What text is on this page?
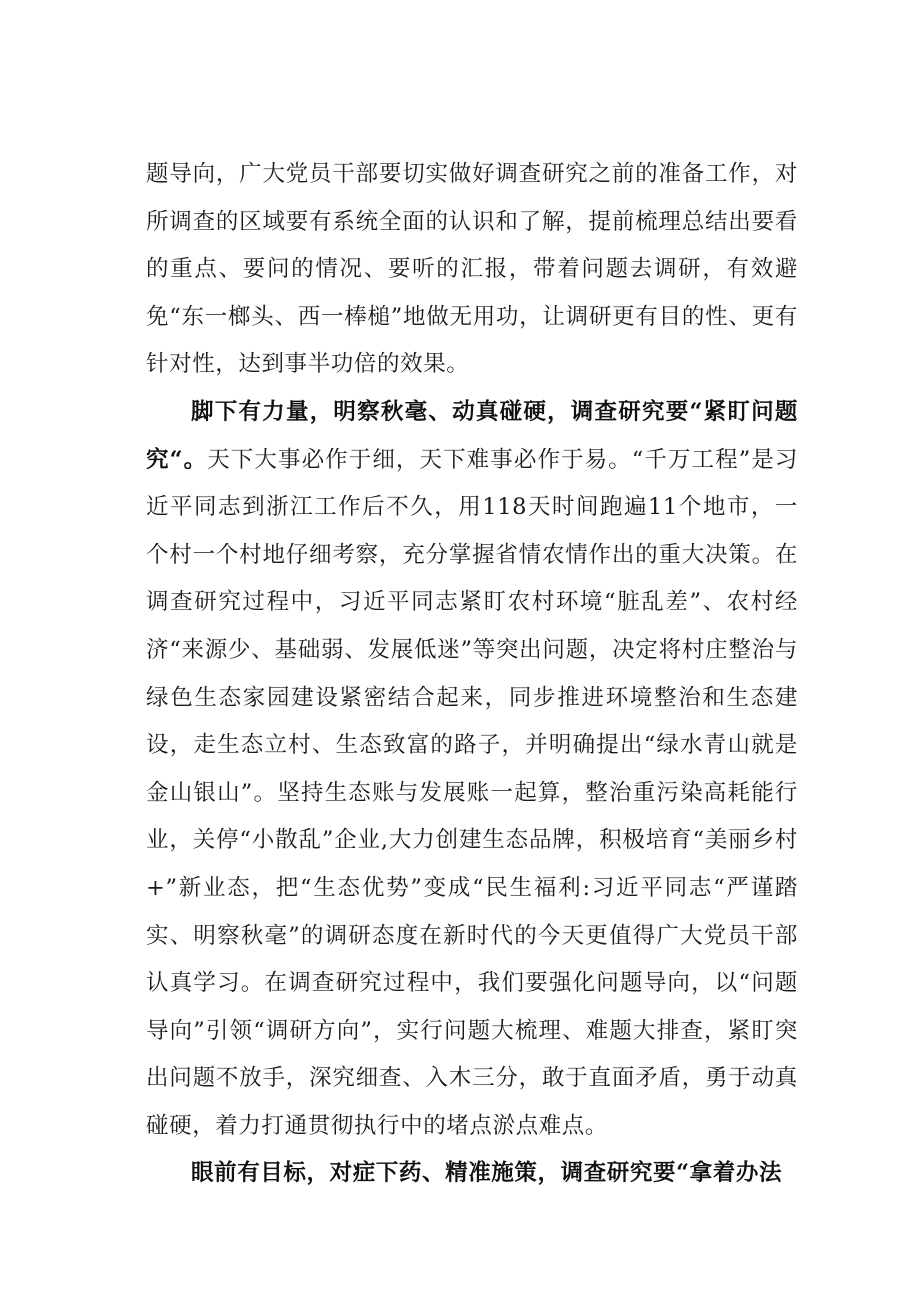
题导向，广大党员干部要切实做好调查研究之前的准备工作，对所调查的区域要有系统全面的认识和了解，提前梳理总结出要看的重点、要问的情况、要听的汇报，带着问题去调研，有效避免“东一榔头、西一棒槌”地做无用功，让调研更有目的性、更有针对性，达到事半功倍的效果。

脚下有力量，明察秋毫、动真碰硬，调查研究要“紧盯问题究“。天下大事必作于细，天下难事必作于易。“千万工程”是习近平同志到浙江工作后不久，用118天时间跑遍11个地市，一个村一个村地仔细考察，充分掌握省情农情作出的重大决策。在调查研究过程中，习近平同志紧盯农村环境“脏乱差”、农村经济“来源少、基础弱、发展低迷”等突出问题，决定将村庄整治与绿色生态家园建设紧密结合起来，同步推进环境整治和生态建设，走生态立村、生态致富的路子，并明确提出“绿水青山就是金山银山”。坚持生态账与发展账一起算，整治重污染高耗能行业，关停“小散乱”企业,大力创建生态品牌，积极培育“美丽乡村+”新业态，把“生态优势”变成“民生福利:习近平同志“严谨踏实、明察秋毫”的调研态度在新时代的今天更值得广大党员干部认真学习。在调查研究过程中，我们要强化问题导向，以“问题导向”引领“调研方向”，实行问题大梳理、难题大排查，紧盯突出问题不放手，深究细查、入木三分，敢于直面矛盾，勇于动真碰硬，着力打通贯彻执行中的堵点淤点难点。

眼前有目标，对症下药、精准施策，调查研究要“拿着办法
